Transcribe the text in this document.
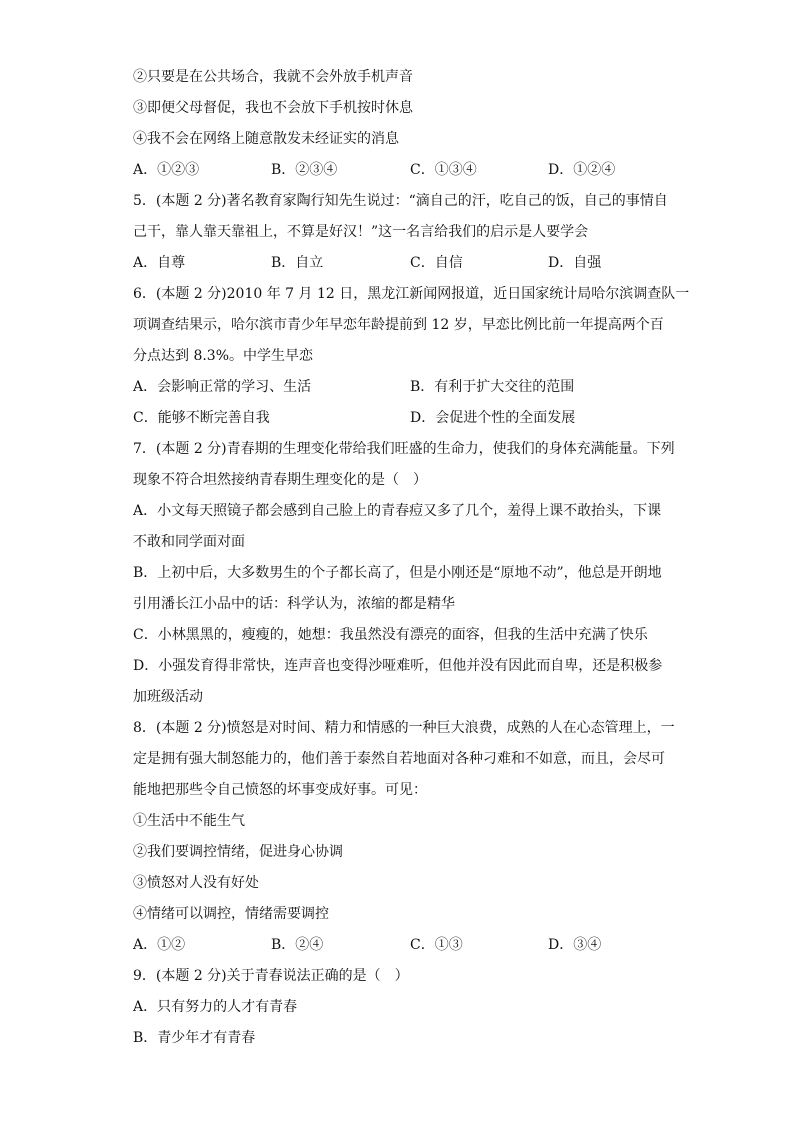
②只要是在公共场合，我就不会外放手机声音
③即便父母督促，我也不会放下手机按时休息
④我不会在网络上随意散发未经证实的消息
A．①②③	B．②③④	C．①③④	D．①②④
5．(本题 2 分)著名教育家陶行知先生说过：“滴自己的汗，吃自己的饭，自己的事情自
己干，靠人靠天靠祖上，不算是好汉！”这一名言给我们的启示是人要学会
A．自尊	B．自立	C．自信	D．自强
6．(本题 2 分)2010 年 7 月 12 日，黑龙江新闻网报道，近日国家统计局哈尔滨调查队一
项调查结果示，哈尔滨市青少年早恋年龄提前到 12 岁，早恋比例比前一年提高两个百
分点达到 8.3%。中学生早恋
A．会影响正常的学习、生活	B．有利于扩大交往的范围
C．能够不断完善自我	D．会促进个性的全面发展
7．(本题 2 分)青春期的生理变化带给我们旺盛的生命力，使我们的身体充满能量。下列
现象不符合坦然接纳青春期生理变化的是（　）
A．小文每天照镜子都会感到自己脸上的青春痘又多了几个，羞得上课不敢抬头，下课
不敢和同学面对面
B．上初中后，大多数男生的个子都长高了，但是小刚还是“原地不动”，他总是开朗地
引用潘长江小品中的话：科学认为，浓缩的都是精华
C．小林黑黑的，瘦瘦的，她想：我虽然没有漂亮的面容，但我的生活中充满了快乐
D．小强发育得非常快，连声音也变得沙哑难听，但他并没有因此而自卑，还是积极参
加班级活动
8．(本题 2 分)愤怒是对时间、精力和情感的一种巨大浪费，成熟的人在心态管理上，一
定是拥有强大制怒能力的，他们善于泰然自若地面对各种刁难和不如意，而且，会尽可
能地把那些令自己愤怒的坏事变成好事。可见：
①生活中不能生气
②我们要调控情绪，促进身心协调
③愤怒对人没有好处
④情绪可以调控，情绪需要调控
A．①②	B．②④	C．①③	D．③④
9．(本题 2 分)关于青春说法正确的是（　）
A．只有努力的人才有青春
B．青少年才有青春
